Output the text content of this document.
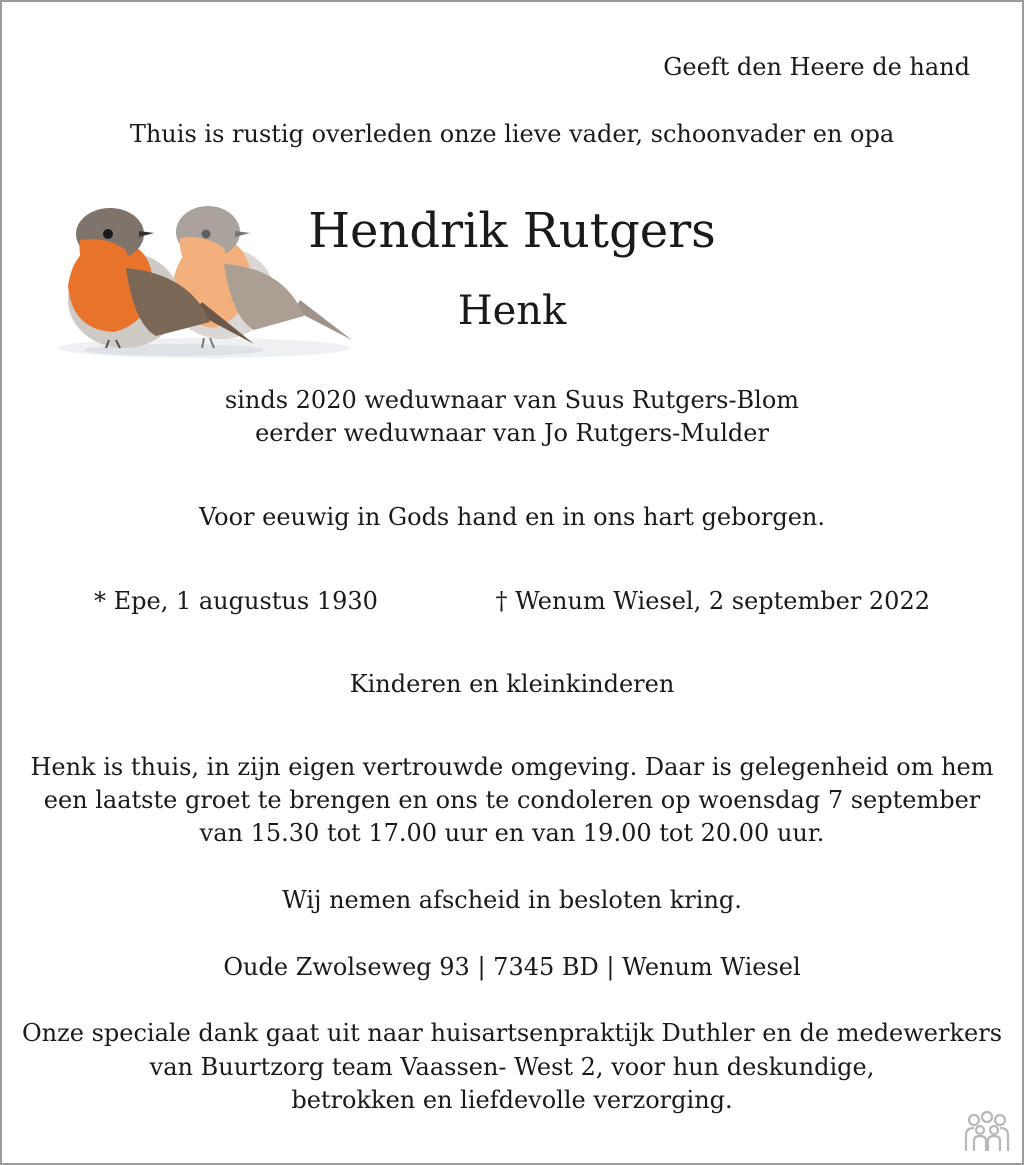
Geeft den Heere de hand
Thuis is rustig overleden onze lieve vader, schoonvader en opa
Hendrik Rutgers
Henk
sinds 2020 weduwnaar van Suus Rutgers-Blom
eerder weduwnaar van Jo Rutgers-Mulder
Voor eeuwig in Gods hand en in ons hart geborgen.
* Epe, 1 augustus 1930	† Wenum Wiesel, 2 september 2022
Kinderen en kleinkinderen
Henk is thuis, in zijn eigen vertrouwde omgeving. Daar is gelegenheid om hem
een laatste groet te brengen en ons te condoleren op woensdag 7 september
van 15.30 tot 17.00 uur en van 19.00 tot 20.00 uur.
Wij nemen afscheid in besloten kring.
Oude Zwolseweg 93 | 7345 BD | Wenum Wiesel
Onze speciale dank gaat uit naar huisartsenpraktijk Duthler en de medewerkers
van Buurtzorg team Vaassen- West 2, voor hun deskundige,
betrokken en liefdevolle verzorging.
